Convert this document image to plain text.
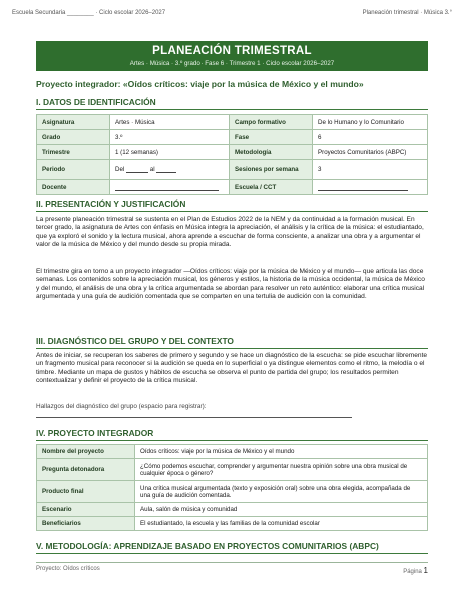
Escuela Secundaria ________ · Ciclo escolar 2026–2027	Planeación trimestral · Música 3.°
PLANEACIÓN TRIMESTRAL
Artes · Música · 3.º grado · Fase 6 · Trimestre 1 · Ciclo escolar 2026–2027
Proyecto integrador: «Oídos críticos: viaje por la música de México y el mundo»
I. DATOS DE IDENTIFICACIÓN
Asignatura	Artes · Música	Campo formativo	De lo Humano y lo Comunitario
Grado	3.º	Fase	6
Trimestre	1 (12 semanas)	Metodología	Proyectos Comunitarios (ABPC)
Periodo	Del al	Sesiones por semana	3
Docente		Escuela / CCT	
II. PRESENTACIÓN Y JUSTIFICACIÓN
La presente planeación trimestral se sustenta en el Plan de Estudios 2022 de la NEM y da continuidad a la formación musical. En tercer grado, la asignatura de Artes con énfasis en Música integra la apreciación, el análisis y la crítica de la música: el estudiantado, que ya exploró el sonido y la lectura musical, ahora aprende a escuchar de forma consciente, a analizar una obra y a argumentar el valor de la música de México y del mundo desde su propia mirada.
El trimestre gira en torno a un proyecto integrador —Oídos críticos: viaje por la música de México y el mundo— que articula las doce semanas. Los contenidos sobre la apreciación musical, los géneros y estilos, la historia de la música occidental, la música de México y del mundo, el análisis de una obra y la crítica argumentada se abordan para resolver un reto auténtico: elaborar una crítica musical argumentada y una guía de audición comentada que se comparten en una tertulia de audición con la comunidad.
III. DIAGNÓSTICO DEL GRUPO Y DEL CONTEXTO
Antes de iniciar, se recuperan los saberes de primero y segundo y se hace un diagnóstico de la escucha: se pide escuchar libremente un fragmento musical para reconocer si la audición se queda en lo superficial o ya distingue elementos como el ritmo, la melodía o el timbre. Mediante un mapa de gustos y hábitos de escucha se observa el punto de partida del grupo; los resultados permiten contextualizar y definir el proyecto de la crítica musical.
Hallazgos del diagnóstico del grupo (espacio para registrar):
IV. PROYECTO INTEGRADOR
Nombre del proyecto	Oídos críticos: viaje por la música de México y el mundo
Pregunta detonadora	¿Cómo podemos escuchar, comprender y argumentar nuestra opinión sobre una obra musical de cualquier época o género?
Producto final	Una crítica musical argumentada (texto y exposición oral) sobre una obra elegida, acompañada de una guía de audición comentada.
Escenario	Aula, salón de música y comunidad
Beneficiarios	El estudiantado, la escuela y las familias de la comunidad escolar
V. METODOLOGÍA: APRENDIZAJE BASADO EN PROYECTOS COMUNITARIOS (ABPC)
Proyecto: Oídos críticos	Página 1
